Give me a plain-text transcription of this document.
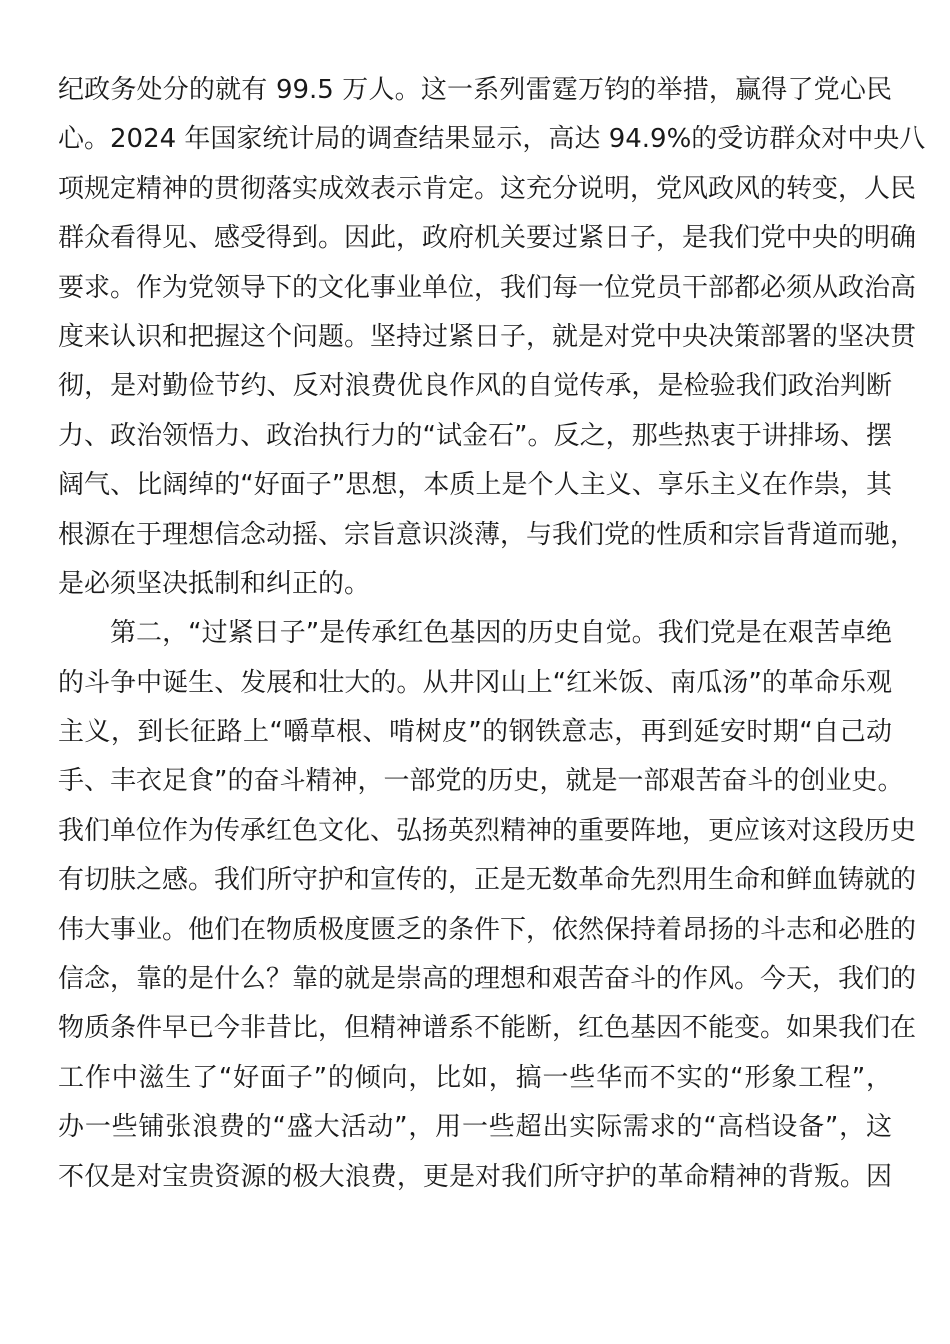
纪政务处分的就有 99.5 万人。这一系列雷霆万钧的举措，赢得了党心民
心。2024 年国家统计局的调查结果显示，高达 94.9%的受访群众对中央八
项规定精神的贯彻落实成效表示肯定。这充分说明，党风政风的转变，人民
群众看得见、感受得到。因此，政府机关要过紧日子，是我们党中央的明确
要求。作为党领导下的文化事业单位，我们每一位党员干部都必须从政治高
度来认识和把握这个问题。坚持过紧日子，就是对党中央决策部署的坚决贯
彻，是对勤俭节约、反对浪费优良作风的自觉传承，是检验我们政治判断
力、政治领悟力、政治执行力的“试金石”。反之，那些热衷于讲排场、摆
阔气、比阔绰的“好面子”思想，本质上是个人主义、享乐主义在作祟，其
根源在于理想信念动摇、宗旨意识淡薄，与我们党的性质和宗旨背道而驰，
是必须坚决抵制和纠正的。
第二，“过紧日子”是传承红色基因的历史自觉。我们党是在艰苦卓绝
的斗争中诞生、发展和壮大的。从井冈山上“红米饭、南瓜汤”的革命乐观
主义，到长征路上“嚼草根、啃树皮”的钢铁意志，再到延安时期“自己动
手、丰衣足食”的奋斗精神，一部党的历史，就是一部艰苦奋斗的创业史。
我们单位作为传承红色文化、弘扬英烈精神的重要阵地，更应该对这段历史
有切肤之感。我们所守护和宣传的，正是无数革命先烈用生命和鲜血铸就的
伟大事业。他们在物质极度匮乏的条件下，依然保持着昂扬的斗志和必胜的
信念，靠的是什么？靠的就是崇高的理想和艰苦奋斗的作风。今天，我们的
物质条件早已今非昔比，但精神谱系不能断，红色基因不能变。如果我们在
工作中滋生了“好面子”的倾向，比如，搞一些华而不实的“形象工程”，
办一些铺张浪费的“盛大活动”，用一些超出实际需求的“高档设备”，这
不仅是对宝贵资源的极大浪费，更是对我们所守护的革命精神的背叛。因
